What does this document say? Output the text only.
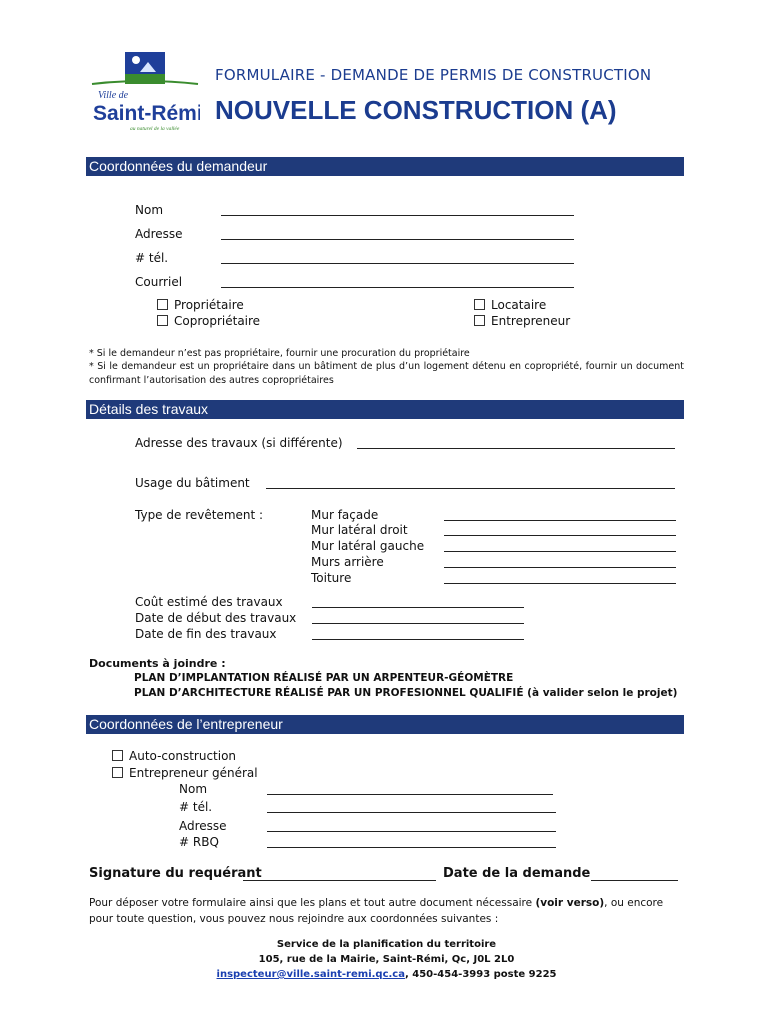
Ville de
Saint-Rémi
au naturel de la vallée
FORMULAIRE - DEMANDE DE PERMIS DE CONSTRUCTION
NOUVELLE CONSTRUCTION (A)
Coordonnées du demandeur
Nom
Adresse
# tél.
Courriel
Propriétaire
Copropriétaire
Locataire
Entrepreneur
* Si le demandeur n’est pas propriétaire, fournir une procuration du propriétaire
* Si le demandeur est un propriétaire dans un bâtiment de plus d’un logement détenu en copropriété, fournir un document confirmant l’autorisation des autres copropriétaires
Détails des travaux
Adresse des travaux (si différente)
Usage du bâtiment
Type de revêtement :	Mur façade
Mur latéral droit
Mur latéral gauche
Murs arrière
Toiture
Coût estimé des travaux
Date de début des travaux
Date de fin des travaux
Documents à joindre :
PLAN D’IMPLANTATION RÉALISÉ PAR UN ARPENTEUR-GÉOMÈTRE
PLAN D’ARCHITECTURE RÉALISÉ PAR UN PROFESIONNEL QUALIFIÉ (à valider selon le projet)
Coordonnées de l’entrepreneur
Auto-construction
Entrepreneur général
Nom
# tél.
Adresse
# RBQ
Signature du requérant	Date de la demande
Pour déposer votre formulaire ainsi que les plans et tout autre document nécessaire (voir verso), ou encore pour toute question, vous pouvez nous rejoindre aux coordonnées suivantes :
Service de la planification du territoire
105, rue de la Mairie, Saint-Rémi, Qc, J0L 2L0
inspecteur@ville.saint-remi.qc.ca, 450-454-3993 poste 9225
